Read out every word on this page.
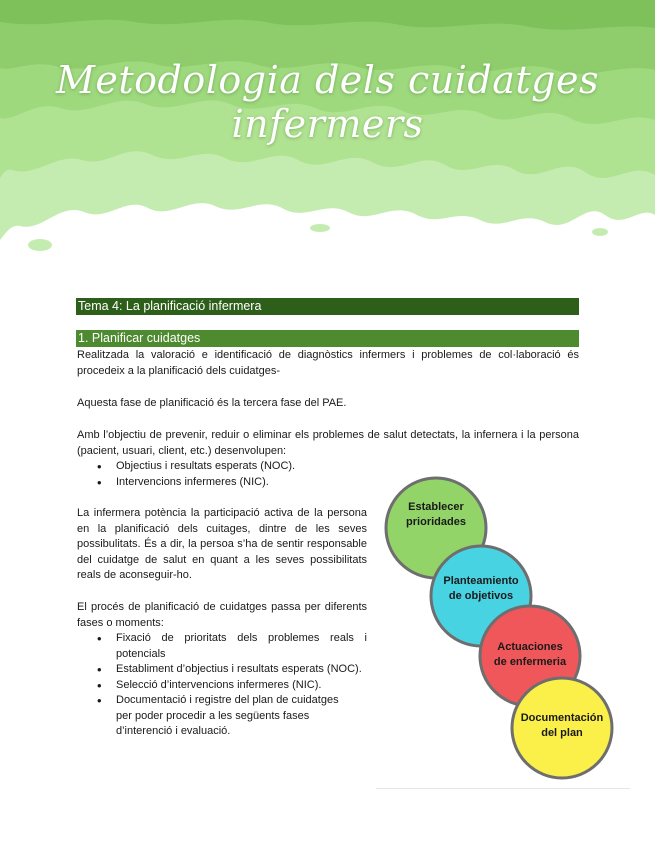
Metodologia dels cuidatges infermers
Tema 4: La planificació infermera
1. Planificar cuidatges

Realitzada la valoració e identificació de diagnòstics infermers i problemes de col·laboració és procedeix a la planificació dels cuidatges-

Aquesta fase de planificació és la tercera fase del PAE.

Amb l’objectiu de prevenir, reduir o eliminar els problemes de salut detectats, la infernera i la persona (pacient, usuari, client, etc.) desenvolupen:

• Objectius i resultats esperats (NOC).
• Intervencions infermeres (NIC).

La infermera potència la participació activa de la persona en la planificació dels cuitages, dintre de les seves possibulitats. És a dir, la persoa s’ha de sentir responsable del cuidatge de salut en quant a les seves possibilitats reals de aconseguir-ho.

El procés de planificació de cuidatges passa per diferents fases o moments:

• Fixació de prioritats dels problemes reals i potencials
• Establiment d’objectius i resultats esperats (NOC).
• Selecció d’intervencions infermeres (NIC).
• Documentació i registre del plan de cuidatges per poder procedir a les següents fases d’interenció i evaluació.
Establecer
prioridades
Planteamiento
de objetivos
Actuaciones
de enfermeria
Documentación
del plan
